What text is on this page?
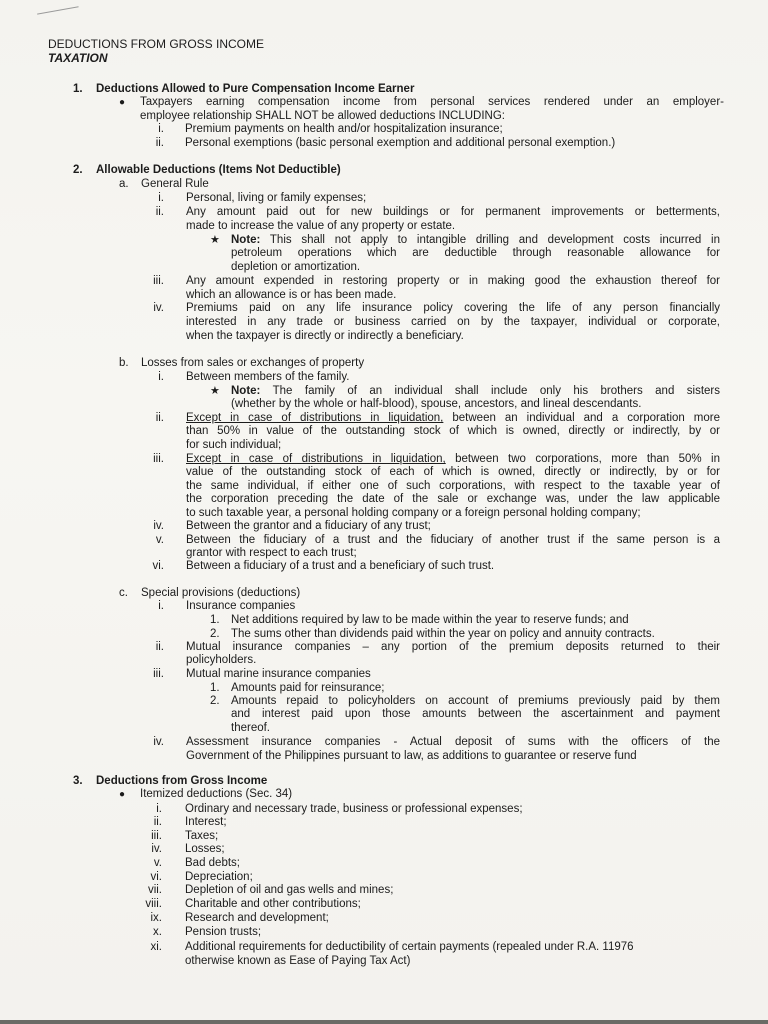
DEDUCTIONS FROM GROSS INCOME
TAXATION
1. Deductions Allowed to Pure Compensation Income Earner
● Taxpayers earning compensation income from personal services rendered under an employer-
employee relationship SHALL NOT be allowed deductions INCLUDING:
i. Premium payments on health and/or hospitalization insurance;
ii. Personal exemptions (basic personal exemption and additional personal exemption.)
2. Allowable Deductions (Items Not Deductible)
a. General Rule
i. Personal, living or family expenses;
ii. Any amount paid out for new buildings or for permanent improvements or betterments,
made to increase the value of any property or estate.
★ Note: This shall not apply to intangible drilling and development costs incurred in
petroleum operations which are deductible through reasonable allowance for
depletion or amortization.
iii. Any amount expended in restoring property or in making good the exhaustion thereof for
which an allowance is or has been made.
iv. Premiums paid on any life insurance policy covering the life of any person financially
interested in any trade or business carried on by the taxpayer, individual or corporate,
when the taxpayer is directly or indirectly a beneficiary.
b. Losses from sales or exchanges of property
i. Between members of the family.
★ Note: The family of an individual shall include only his brothers and sisters
(whether by the whole or half-blood), spouse, ancestors, and lineal descendants.
ii. Except in case of distributions in liquidation, between an individual and a corporation more
than 50% in value of the outstanding stock of which is owned, directly or indirectly, by or
for such individual;
iii. Except in case of distributions in liquidation, between two corporations, more than 50% in
value of the outstanding stock of each of which is owned, directly or indirectly, by or for
the same individual, if either one of such corporations, with respect to the taxable year of
the corporation preceding the date of the sale or exchange was, under the law applicable
to such taxable year, a personal holding company or a foreign personal holding company;
iv. Between the grantor and a fiduciary of any trust;
v. Between the fiduciary of a trust and the fiduciary of another trust if the same person is a
grantor with respect to each trust;
vi. Between a fiduciary of a trust and a beneficiary of such trust.
c. Special provisions (deductions)
i. Insurance companies
1. Net additions required by law to be made within the year to reserve funds; and
2. The sums other than dividends paid within the year on policy and annuity contracts.
ii. Mutual insurance companies – any portion of the premium deposits returned to their
policyholders.
iii. Mutual marine insurance companies
1. Amounts paid for reinsurance;
2. Amounts repaid to policyholders on account of premiums previously paid by them
and interest paid upon those amounts between the ascertainment and payment
thereof.
iv. Assessment insurance companies - Actual deposit of sums with the officers of the
Government of the Philippines pursuant to law, as additions to guarantee or reserve fund
3. Deductions from Gross Income
● Itemized deductions (Sec. 34)
i. Ordinary and necessary trade, business or professional expenses;
ii. Interest;
iii. Taxes;
iv. Losses;
v. Bad debts;
vi. Depreciation;
vii. Depletion of oil and gas wells and mines;
viii. Charitable and other contributions;
ix. Research and development;
x. Pension trusts;
xi. Additional requirements for deductibility of certain payments (repealed under R.A. 11976
otherwise known as Ease of Paying Tax Act)
